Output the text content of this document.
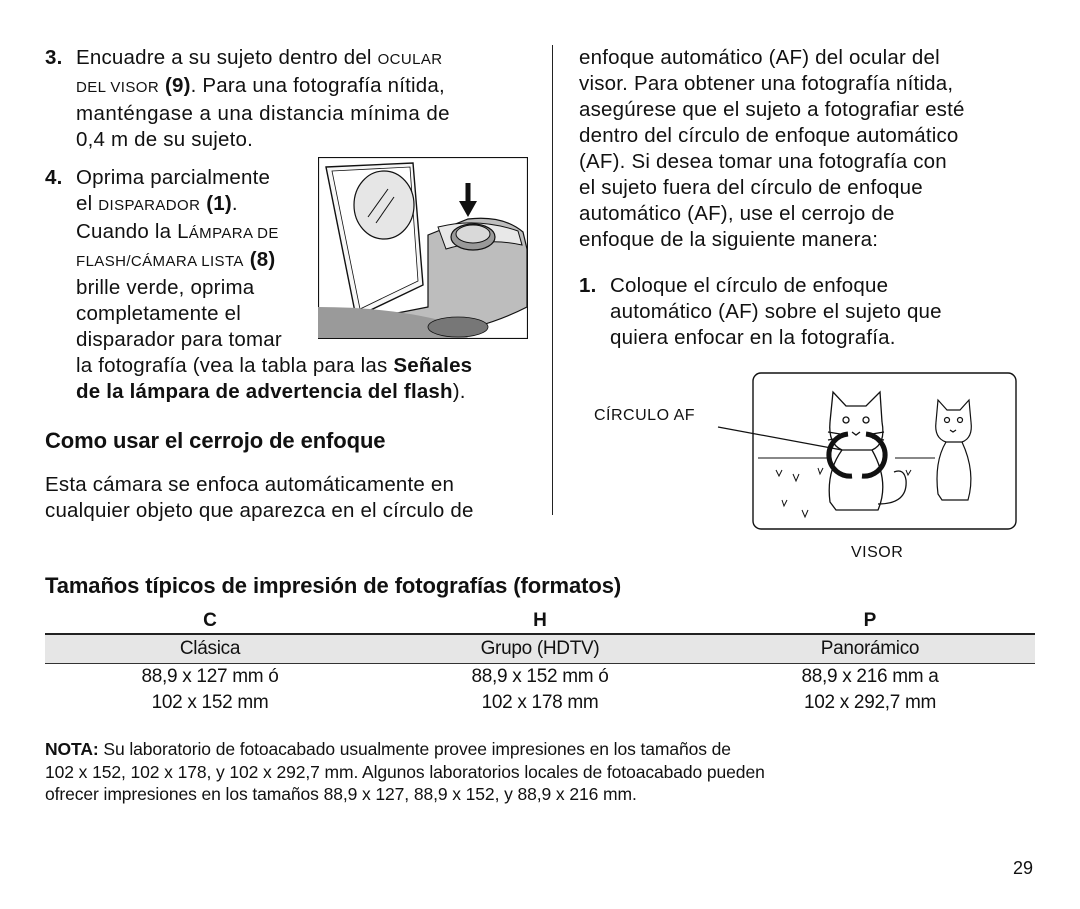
3. Encuadre a su sujeto dentro del OCULAR
DEL VISOR (9). Para una fotografía nítida,
manténgase a una distancia mínima de
0,4 m de su sujeto.
4. Oprima parcialmente
el DISPARADOR (1).
Cuando la LÁMPARA DE
FLASH/CÁMARA LISTA (8)
brille verde, oprima
completamente el
disparador para tomar
la fotografía (vea la tabla para las Señales
de la lámpara de advertencia del flash).
Como usar el cerrojo de enfoque
Esta cámara se enfoca automáticamente en
cualquier objeto que aparezca en el círculo de
enfoque automático (AF) del ocular del
visor. Para obtener una fotografía nítida,
asegúrese que el sujeto a fotografiar esté
dentro del círculo de enfoque automático
(AF). Si desea tomar una fotografía con
el sujeto fuera del círculo de enfoque
automático (AF), use el cerrojo de
enfoque de la siguiente manera:
1. Coloque el círculo de enfoque
automático (AF) sobre el sujeto que
quiera enfocar en la fotografía.
CÍRCULO AF
VISOR
Tamaños típicos de impresión de fotografías (formatos)
C	H	P
Clásica	Grupo (HDTV)	Panorámico
88,9 x 127 mm ó	88,9 x 152 mm ó	88,9 x 216 mm a
102 x 152 mm	102 x 178 mm	102 x 292,7 mm
NOTA: Su laboratorio de fotoacabado usualmente provee impresiones en los tamaños de
102 x 152, 102 x 178, y 102 x 292,7 mm. Algunos laboratorios locales de fotoacabado pueden
ofrecer impresiones en los tamaños 88,9 x 127, 88,9 x 152, y 88,9 x 216 mm.
29
